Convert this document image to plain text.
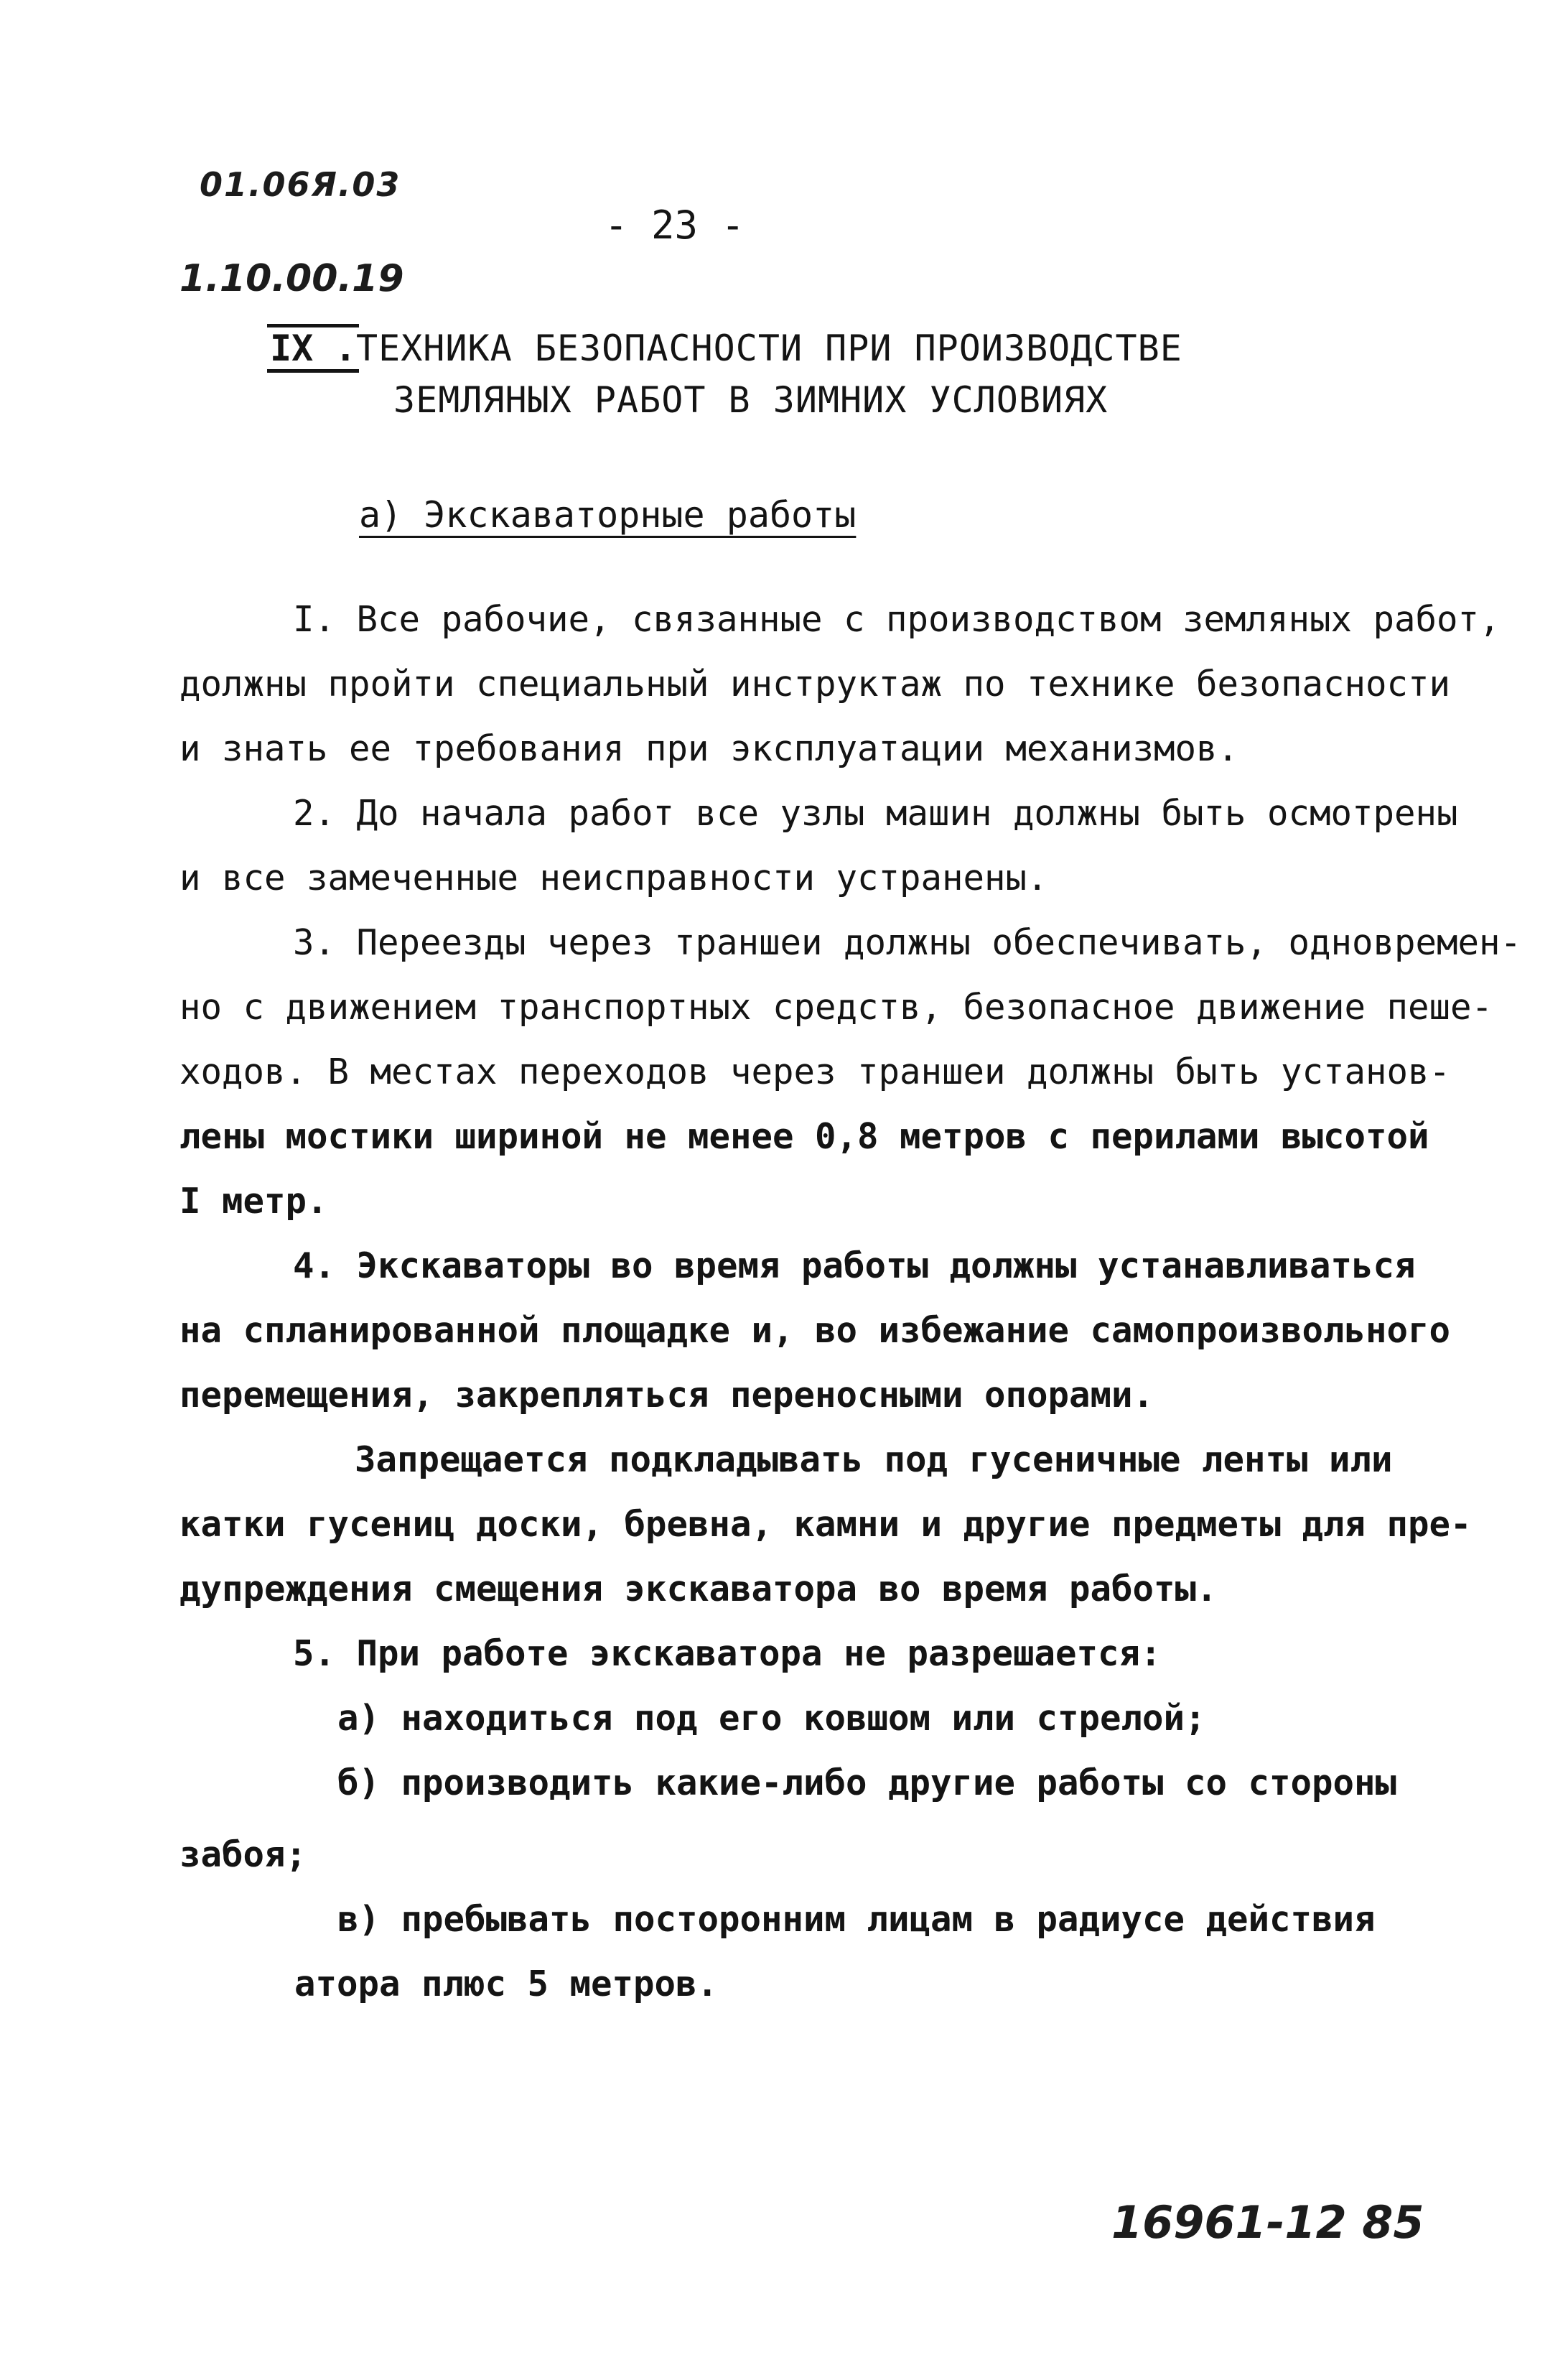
01.06Я.03
- 23 -
1.10.00.19
IX . ТЕХНИКА БЕЗОПАСНОСТИ ПРИ ПРОИЗВОДСТВЕ
ЗЕМЛЯНЫХ РАБОТ В ЗИМНИХ УСЛОВИЯХ
а) Экскаваторные работы
I. Все рабочие, связанные с производством земляных работ,
должны пройти специальный инструктаж по технике безопасности
и знать ее требования при эксплуатации механизмов.
2. До начала работ все узлы машин должны быть осмотрены
и все замеченные неисправности устранены.
3. Переезды через траншеи должны обеспечивать, одновремен-
но с движением транспортных средств, безопасное движение пеше-
ходов. В местах переходов через траншеи должны быть установ-
лены мостики шириной не менее 0,8 метров с перилами высотой
I метр.
4. Экскаваторы во время работы должны устанавливаться
на спланированной площадке и, во избежание самопроизвольного
перемещения, закрепляться переносными опорами.
Запрещается подкладывать под гусеничные ленты или
катки гусениц доски, бревна, камни и другие предметы для пре-
дупреждения смещения экскаватора во время работы.
5. При работе экскаватора не разрешается:
а) находиться под его ковшом или стрелой;
б) производить какие-либо другие работы со стороны
забоя;
в) пребывать посторонним лицам в радиусе действия
атора плюс 5 метров.
16961-12 85
